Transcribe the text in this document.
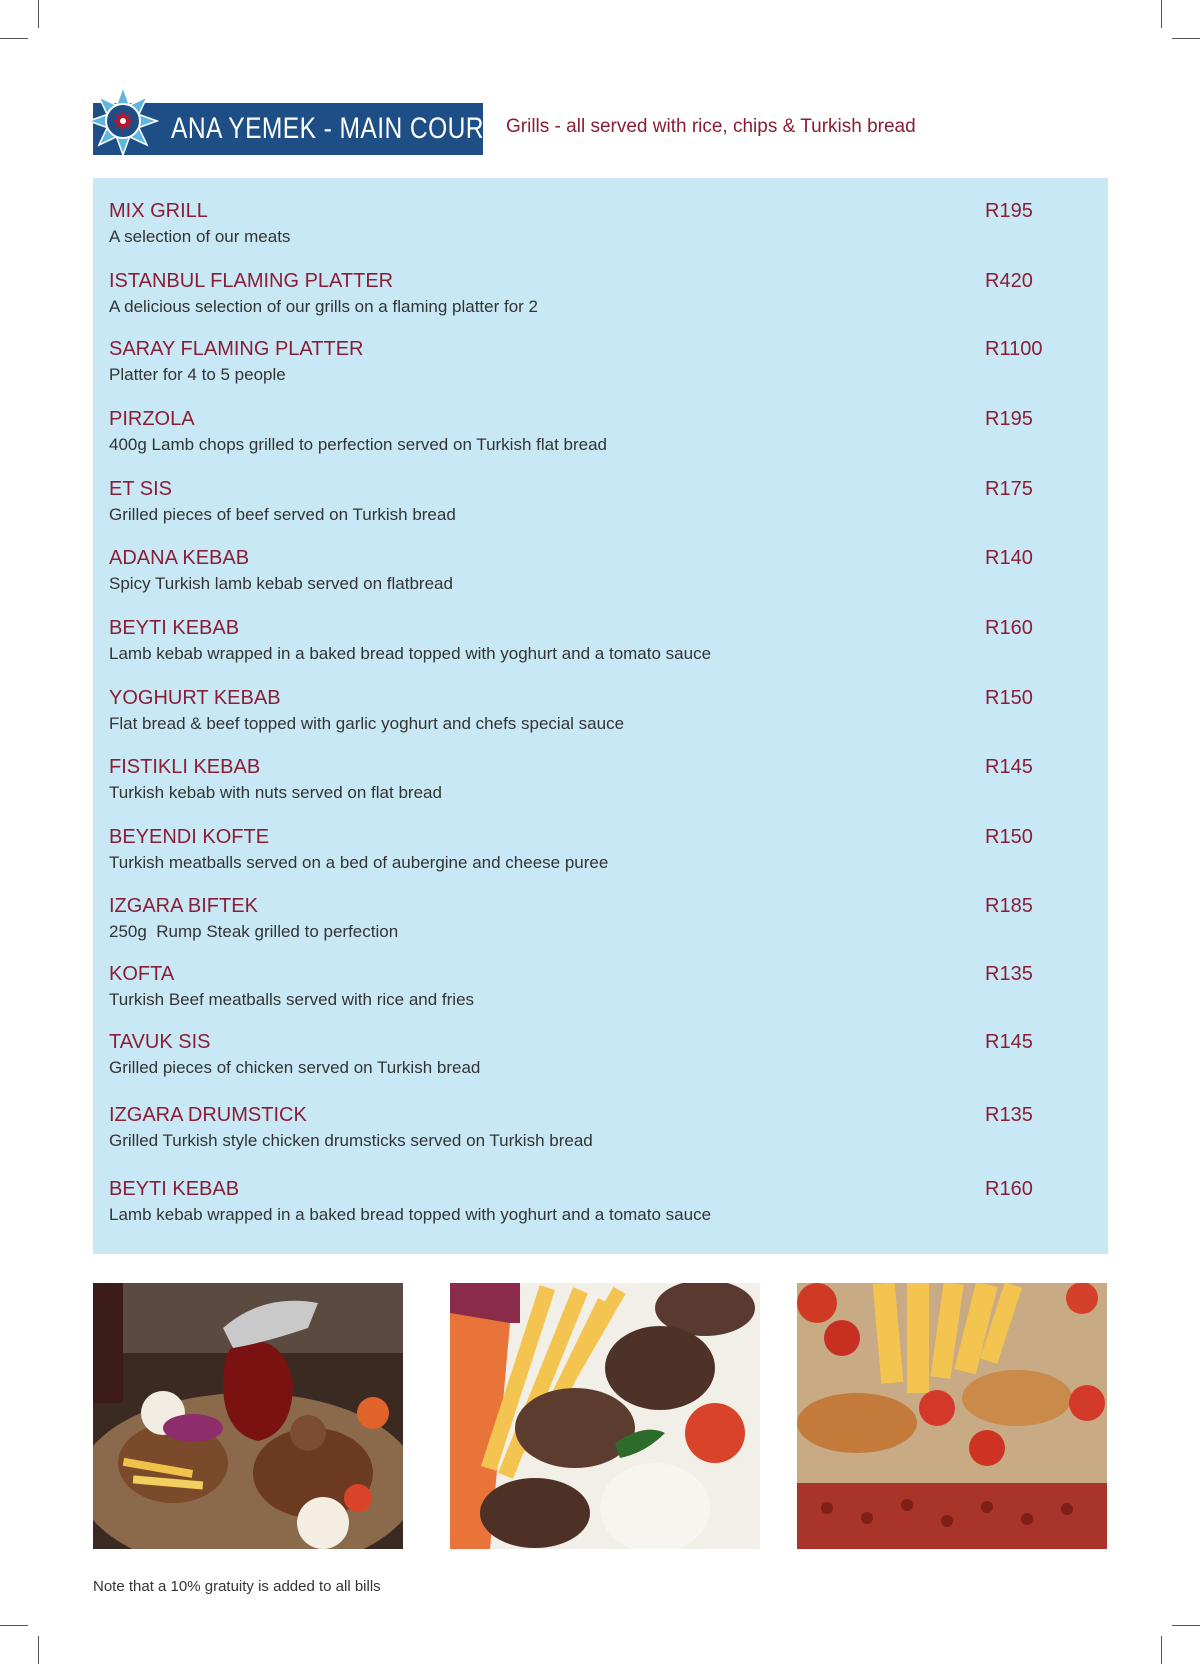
ANA YEMEK - MAIN COURSE
Grills - all served with rice, chips & Turkish bread
MIX GRILL
A selection of our meats
R195
ISTANBUL FLAMING PLATTER
A delicious selection of our grills on a flaming platter for 2
R420
SARAY FLAMING PLATTER
Platter for 4 to 5 people
R1100
PIRZOLA
400g Lamb chops grilled to perfection served on Turkish flat bread
R195
ET SIS
Grilled pieces of beef served on Turkish bread
R175
ADANA KEBAB
Spicy Turkish lamb kebab served on flatbread
R140
BEYTI KEBAB
Lamb kebab wrapped in a baked bread topped with yoghurt and a tomato sauce
R160
YOGHURT KEBAB
Flat bread & beef topped with garlic yoghurt and chefs special sauce
R150
FISTIKLI KEBAB
Turkish kebab with nuts served on flat bread
R145
BEYENDI KOFTE
Turkish meatballs served on a bed of aubergine and cheese puree
R150
IZGARA BIFTEK
250g  Rump Steak grilled to perfection
R185
KOFTA
Turkish Beef meatballs served with rice and fries
R135
TAVUK SIS
Grilled pieces of chicken served on Turkish bread
R145
IZGARA DRUMSTICK
Grilled Turkish style chicken drumsticks served on Turkish bread
R135
BEYTI KEBAB
Lamb kebab wrapped in a baked bread topped with yoghurt and a tomato sauce
R160
Note that a 10% gratuity is added to all bills
